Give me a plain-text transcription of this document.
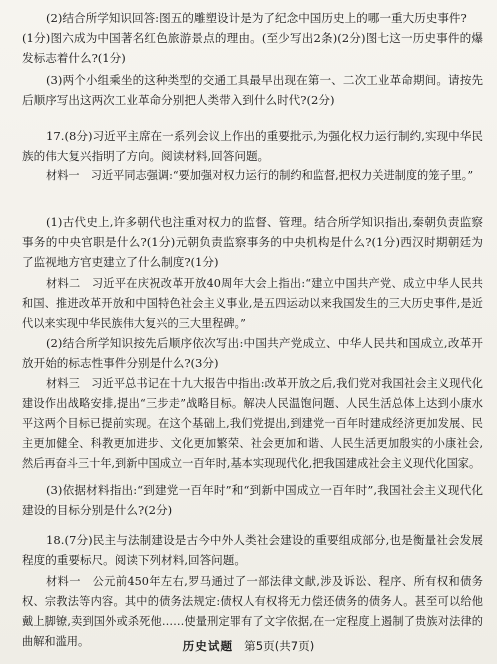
(2)结合所学知识回答:图五的雕塑设计是为了纪念中国历史上的哪一重大历史事件?
(1分)图六成为中国著名红色旅游景点的理由。(至少写出2条)(2分)图七这一历史事件的爆发标志着什么?(1分)
(3)两个小组乘坐的这种类型的交通工具最早出现在第一、二次工业革命期间。请按先后顺序写出这两次工业革命分别把人类带入到什么时代?(2分)
17.(8分)习近平主席在一系列会议上作出的重要批示,为强化权力运行制约,实现中华民族的伟大复兴指明了方向。阅读材料,回答问题。
材料一　习近平同志强调:“要加强对权力运行的制约和监督,把权力关进制度的笼子里。”
(1)古代史上,许多朝代也注重对权力的监督、管理。结合所学知识指出,秦朝负责监察事务的中央官职是什么?(1分)元朝负责监察事务的中央机构是什么?(1分)西汉时期朝廷为了监视地方官吏建立了什么制度?(1分)
材料二　习近平在庆祝改革开放40周年大会上指出:“建立中国共产党、成立中华人民共和国、推进改革开放和中国特色社会主义事业,是五四运动以来我国发生的三大历史事件,是近代以来实现中华民族伟大复兴的三大里程碑。”
(2)结合所学知识按先后顺序依次写出:中国共产党成立、中华人民共和国成立,改革开放开始的标志性事件分别是什么?(3分)
材料三　习近平总书记在十九大报告中指出:改革开放之后,我们党对我国社会主义现代化建设作出战略安排,提出“三步走”战略目标。解决人民温饱问题、人民生活总体上达到小康水平这两个目标已提前实现。在这个基础上,我们党提出,到建党一百年时建成经济更加发展、民主更加健全、科教更加进步、文化更加繁荣、社会更加和谐、人民生活更加殷实的小康社会,然后再奋斗三十年,到新中国成立一百年时,基本实现现代化,把我国建成社会主义现代化国家。
(3)依据材料指出:“到建党一百年时”和“到新中国成立一百年时”,我国社会主义现代化建设的目标分别是什么?(2分)
18.(7分)民主与法制建设是古今中外人类社会建设的重要组成部分,也是衡量社会发展程度的重要标尺。阅读下列材料,回答问题。
材料一　公元前450年左右,罗马通过了一部法律文献,涉及诉讼、程序、所有权和债务权、宗教法等内容。其中的债务法规定:债权人有权将无力偿还债务的债务人。甚至可以给他戴上脚镣,卖到国外或杀死他……使量刑定罪有了文字依据,在一定程度上遏制了贵族对法律的曲解和滥用。	历史试题 第5页(共7页)
